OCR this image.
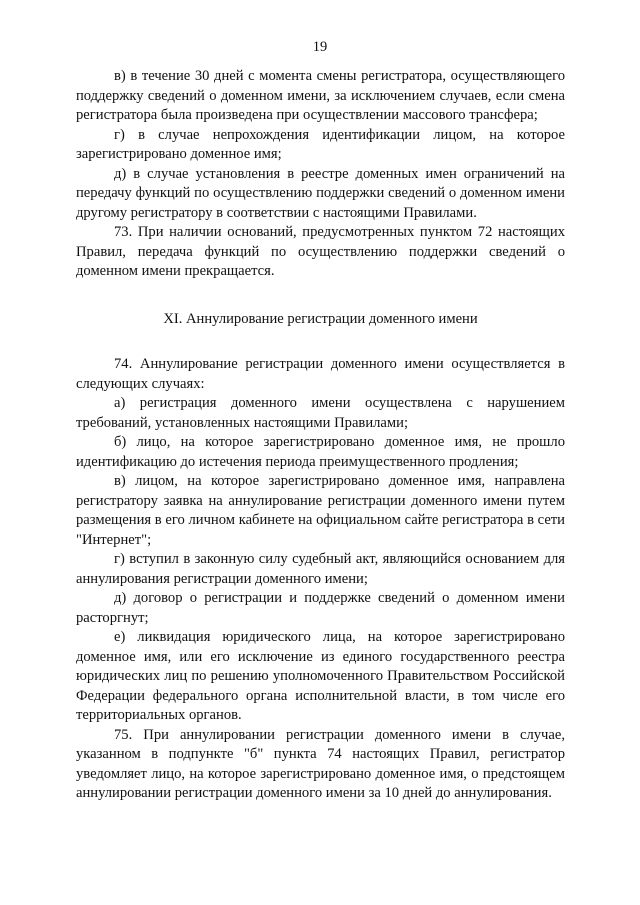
19

в) в течение 30 дней с момента смены регистратора, осуществляющего поддержку сведений о доменном имени, за исключением случаев, если смена регистратора была произведена при осуществлении массового трансфера;

г) в случае непрохождения идентификации лицом, на которое зарегистрировано доменное имя;

д) в случае установления в реестре доменных имен ограничений на передачу функций по осуществлению поддержки сведений о доменном имени другому регистратору в соответствии с настоящими Правилами.

73. При наличии оснований, предусмотренных пунктом 72 настоящих Правил, передача функций по осуществлению поддержки сведений о доменном имени прекращается.

XI. Аннулирование регистрации доменного имени

74. Аннулирование регистрации доменного имени осуществляется в следующих случаях:

а) регистрация доменного имени осуществлена с нарушением требований, установленных настоящими Правилами;

б) лицо, на которое зарегистрировано доменное имя, не прошло идентификацию до истечения периода преимущественного продления;

в) лицом, на которое зарегистрировано доменное имя, направлена регистратору заявка на аннулирование регистрации доменного имени путем размещения в его личном кабинете на официальном сайте регистратора в сети "Интернет";

г) вступил в законную силу судебный акт, являющийся основанием для аннулирования регистрации доменного имени;

д) договор о регистрации и поддержке сведений о доменном имени расторгнут;

е) ликвидация юридического лица, на которое зарегистрировано доменное имя, или его исключение из единого государственного реестра юридических лиц по решению уполномоченного Правительством Российской Федерации федерального органа исполнительной власти, в том числе его территориальных органов.

75. При аннулировании регистрации доменного имени в случае, указанном в подпункте "б" пункта 74 настоящих Правил, регистратор уведомляет лицо, на которое зарегистрировано доменное имя, о предстоящем аннулировании регистрации доменного имени за 10 дней до аннулирования.
